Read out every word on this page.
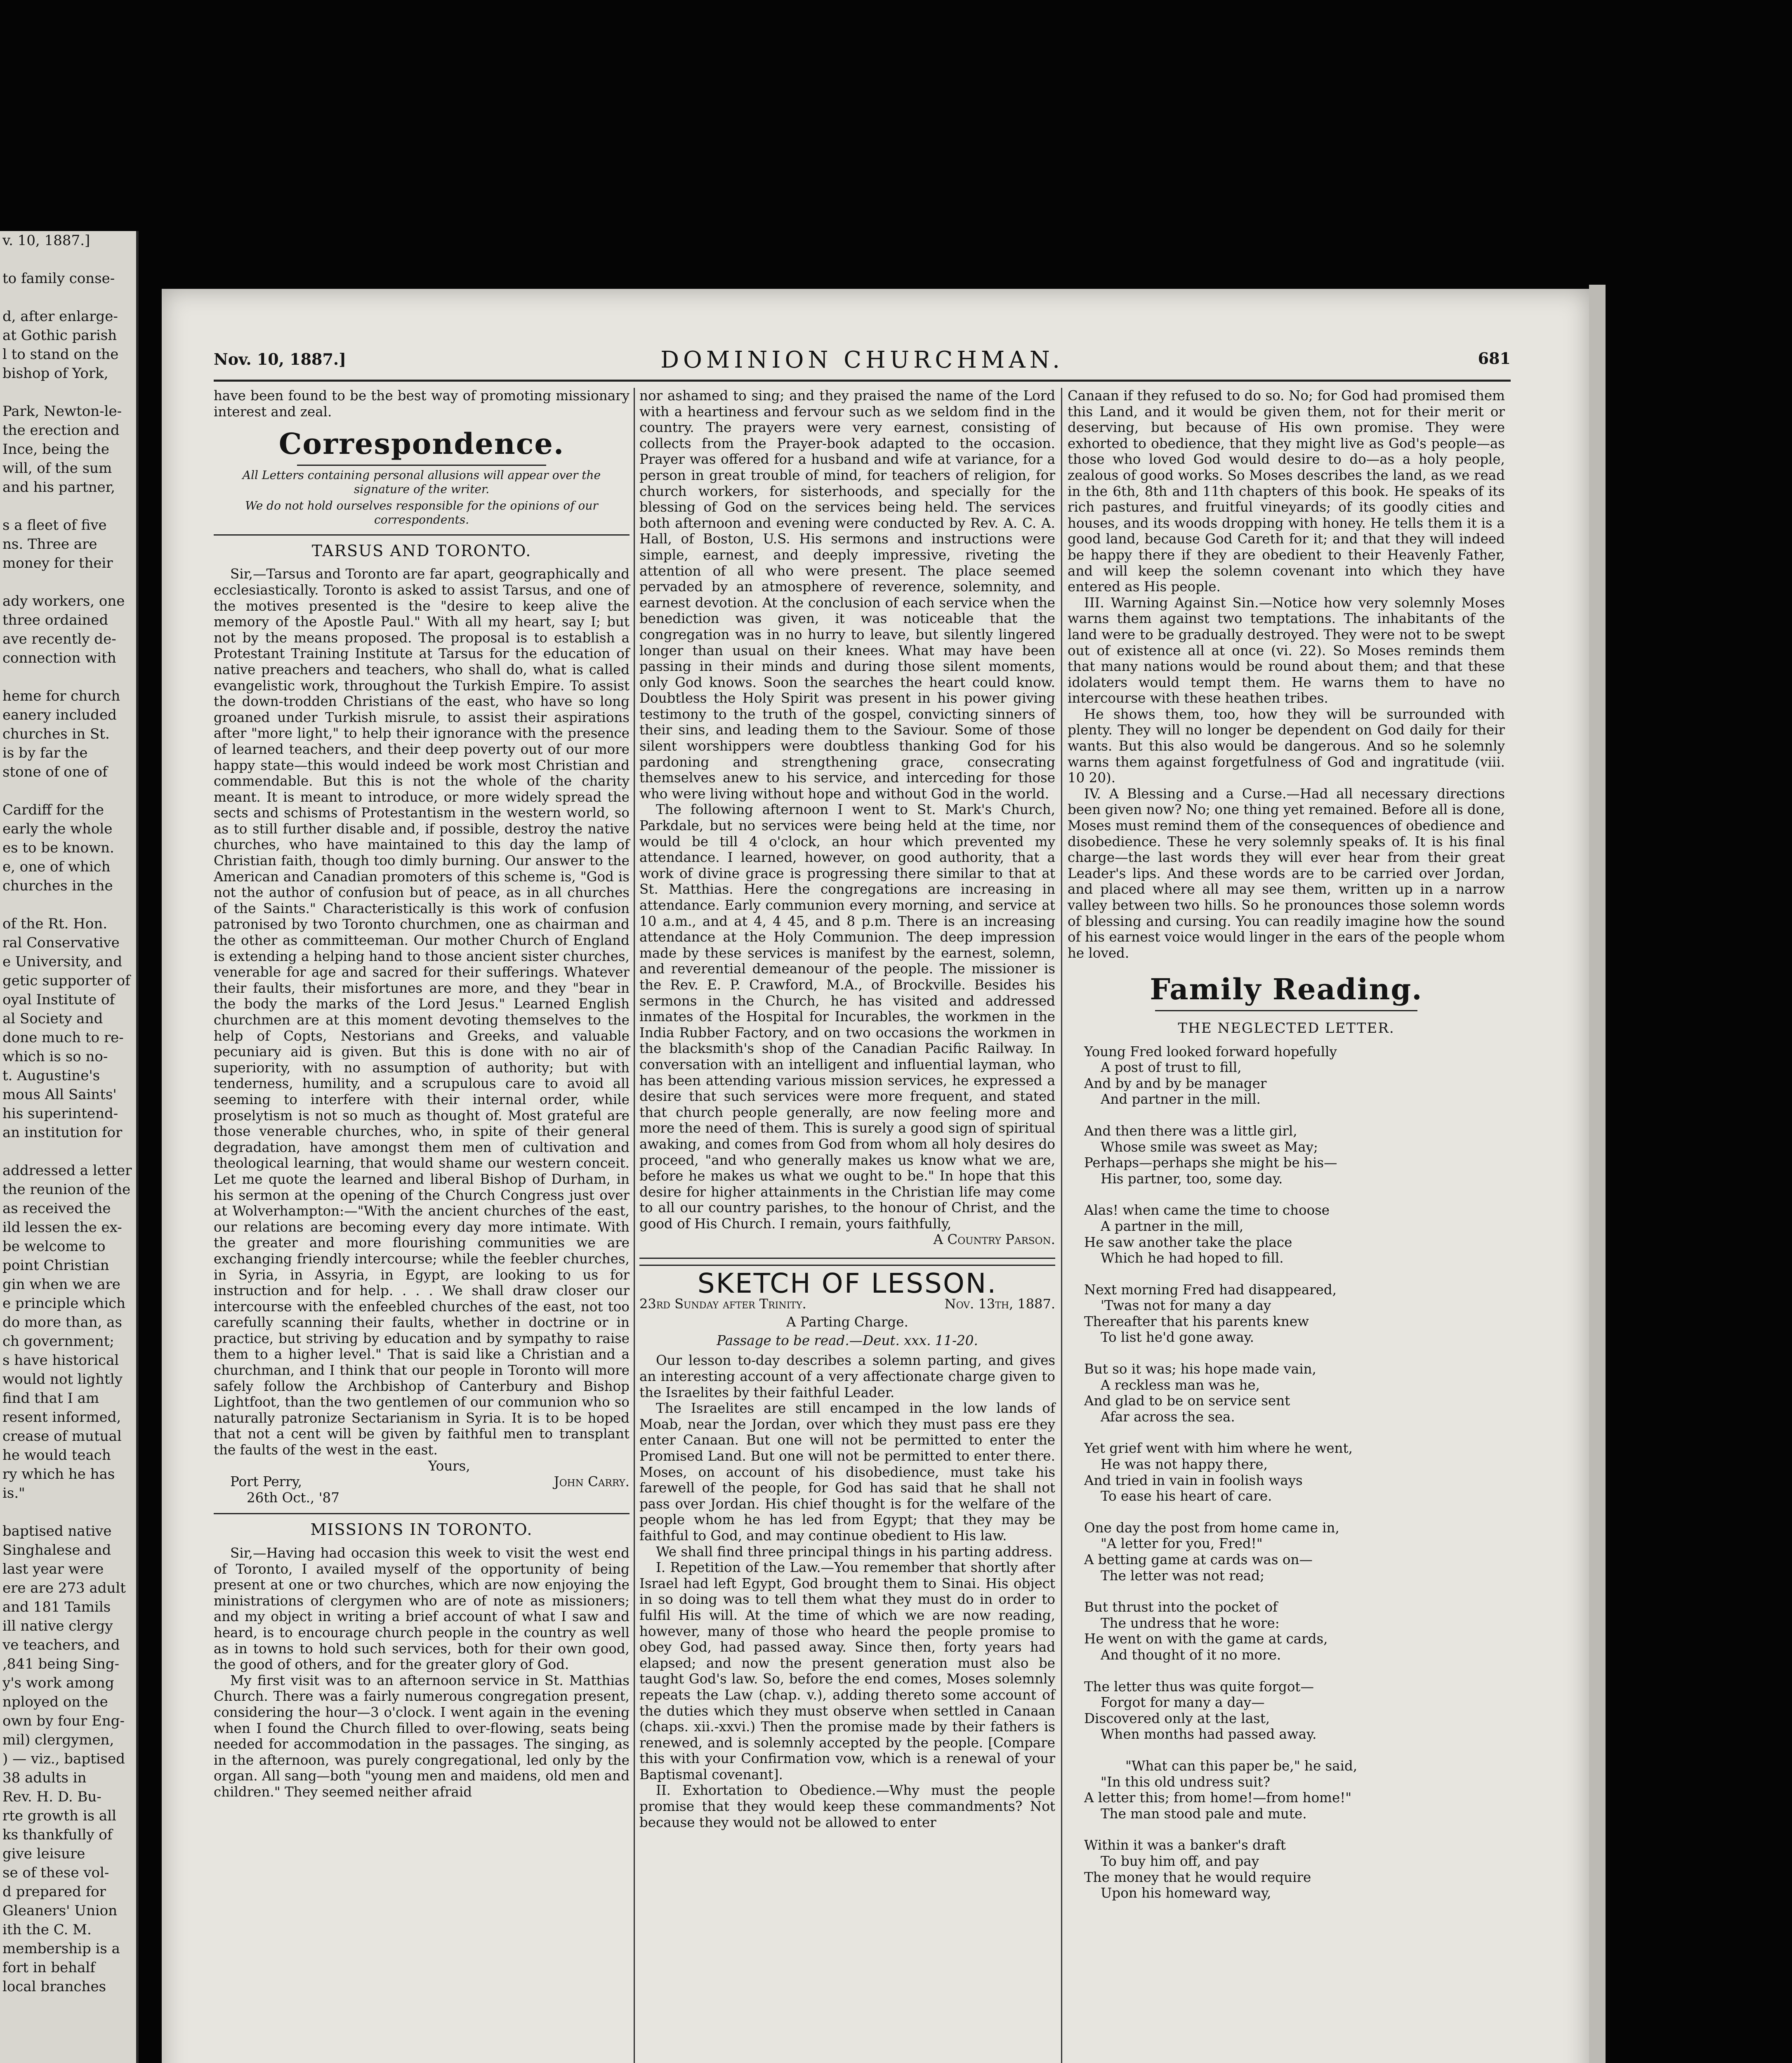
v. 10, 1887.]
to family conse-
d, after enlarge-
at Gothic parish
l to stand on the
bishop of York,
Park, Newton-le-
the erection and
Ince, being the
will, of the sum
and his partner,
s a fleet of five
ns. Three are
money for their
ady workers, one
three ordained
ave recently de-
connection with
heme for church
eanery included
churches in St.
is by far the
stone of one of
Cardiff for the
early the whole
es to be known.
e, one of which
churches in the
of the Rt. Hon.
ral Conservative
e University, and
getic supporter of
oyal Institute of
al Society and
done much to re-
which is so no-
t. Augustine's
mous All Saints'
his superintend-
an institution for
addressed a letter
the reunion of the
as received the
ild lessen the ex-
be welcome to
point Christian
gin when we are
e principle which
do more than, as
ch government;
s have historical
would not lightly
find that I am
resent informed,
crease of mutual
he would teach
ry which he has
is."
baptised native
Singhalese and
last year were
ere are 273 adult
and 181 Tamils
ill native clergy
ve teachers, and
,841 being Sing-
y's work among
nployed on the
own by four Eng-
mil) clergymen,
) — viz., baptised
38 adults in
Rev. H. D. Bu-
rte growth is all
ks thankfully of
give leisure
se of these vol-
d prepared for
Gleaners' Union
ith the C. M.
membership is a
fort in behalf
local branches
Nov. 10, 1887.]	DOMINION CHURCHMAN.	681

have been found to be the best way of promoting missionary interest and zeal.

Correspondence.

All Letters containing personal allusions will appear over the signature of the writer.

We do not hold ourselves responsible for the opinions of our correspondents.

TARSUS AND TORONTO.

Sir,—Tarsus and Toronto are far apart, geographically and ecclesiastically. Toronto is asked to assist Tarsus, and one of the motives presented is the "desire to keep alive the memory of the Apostle Paul." With all my heart, say I; but not by the means proposed. The proposal is to establish a Protestant Training Institute at Tarsus for the education of native preachers and teachers, who shall do, what is called evangelistic work, throughout the Turkish Empire. To assist the down-trodden Christians of the east, who have so long groaned under Turkish misrule, to assist their aspirations after "more light," to help their ignorance with the presence of learned teachers, and their deep poverty out of our more happy state—this would indeed be work most Christian and commendable. But this is not the whole of the charity meant. It is meant to introduce, or more widely spread the sects and schisms of Protestantism in the western world, so as to still further disable and, if possible, destroy the native churches, who have maintained to this day the lamp of Christian faith, though too dimly burning. Our answer to the American and Canadian promoters of this scheme is, "God is not the author of confusion but of peace, as in all churches of the Saints." Characteristically is this work of confusion patronised by two Toronto churchmen, one as chairman and the other as committeeman. Our mother Church of England is extending a helping hand to those ancient sister churches, venerable for age and sacred for their sufferings. Whatever their faults, their misfortunes are more, and they "bear in the body the marks of the Lord Jesus." Learned English churchmen are at this moment devoting themselves to the help of Copts, Nestorians and Greeks, and valuable pecuniary aid is given. But this is done with no air of superiority, with no assumption of authority; but with tenderness, humility, and a scrupulous care to avoid all seeming to interfere with their internal order, while proselytism is not so much as thought of. Most grateful are those venerable churches, who, in spite of their general degradation, have amongst them men of cultivation and theological learning, that would shame our western conceit. Let me quote the learned and liberal Bishop of Durham, in his sermon at the opening of the Church Congress just over at Wolverhampton:—"With the ancient churches of the east, our relations are becoming every day more intimate. With the greater and more flourishing communities we are exchanging friendly intercourse; while the feebler churches, in Syria, in Assyria, in Egypt, are looking to us for instruction and for help. . . . We shall draw closer our intercourse with the enfeebled churches of the east, not too carefully scanning their faults, whether in doctrine or in practice, but striving by education and by sympathy to raise them to a higher level." That is said like a Christian and a churchman, and I think that our people in Toronto will more safely follow the Archbishop of Canterbury and Bishop Lightfoot, than the two gentlemen of our communion who so naturally patronize Sectarianism in Syria. It is to be hoped that not a cent will be given by faithful men to transplant the faults of the west in the east.

Yours,

Port Perry,	John Carry.

26th Oct., '87

MISSIONS IN TORONTO.

Sir,—Having had occasion this week to visit the west end of Toronto, I availed myself of the opportunity of being present at one or two churches, which are now enjoying the ministrations of clergymen who are of note as missioners; and my object in writing a brief account of what I saw and heard, is to encourage church people in the country as well as in towns to hold such services, both for their own good, the good of others, and for the greater glory of God.

My first visit was to an afternoon service in St. Matthias Church. There was a fairly numerous congregation present, considering the hour—3 o'clock. I went again in the evening when I found the Church filled to over-flowing, seats being needed for accommodation in the passages. The singing, as in the afternoon, was purely congregational, led only by the organ. All sang—both "young men and maidens, old men and children." They seemed neither afraid

nor ashamed to sing; and they praised the name of the Lord with a heartiness and fervour such as we seldom find in the country. The prayers were very earnest, consisting of collects from the Prayer-book adapted to the occasion. Prayer was offered for a husband and wife at variance, for a person in great trouble of mind, for teachers of religion, for church workers, for sisterhoods, and specially for the blessing of God on the services being held. The services both afternoon and evening were conducted by Rev. A. C. A. Hall, of Boston, U.S. His sermons and instructions were simple, earnest, and deeply impressive, riveting the attention of all who were present. The place seemed pervaded by an atmosphere of reverence, solemnity, and earnest devotion. At the conclusion of each service when the benediction was given, it was noticeable that the congregation was in no hurry to leave, but silently lingered longer than usual on their knees. What may have been passing in their minds and during those silent moments, only God knows. Soon the searches the heart could know. Doubtless the Holy Spirit was present in his power giving testimony to the truth of the gospel, convicting sinners of their sins, and leading them to the Saviour. Some of those silent worshippers were doubtless thanking God for his pardoning and strengthening grace, consecrating themselves anew to his service, and interceding for those who were living without hope and without God in the world.

The following afternoon I went to St. Mark's Church, Parkdale, but no services were being held at the time, nor would be till 4 o'clock, an hour which prevented my attendance. I learned, however, on good authority, that a work of divine grace is progressing there similar to that at St. Matthias. Here the congregations are increasing in attendance. Early communion every morning, and service at 10 a.m., and at 4, 4 45, and 8 p.m. There is an increasing attendance at the Holy Communion. The deep impression made by these services is manifest by the earnest, solemn, and reverential demeanour of the people. The missioner is the Rev. E. P. Crawford, M.A., of Brockville. Besides his sermons in the Church, he has visited and addressed inmates of the Hospital for Incurables, the workmen in the India Rubber Factory, and on two occasions the workmen in the blacksmith's shop of the Canadian Pacific Railway. In conversation with an intelligent and influential layman, who has been attending various mission services, he expressed a desire that such services were more frequent, and stated that church people generally, are now feeling more and more the need of them. This is surely a good sign of spiritual awaking, and comes from God from whom all holy desires do proceed, "and who generally makes us know what we are, before he makes us what we ought to be." In hope that this desire for higher attainments in the Christian life may come to all our country parishes, to the honour of Christ, and the good of His Church. I remain, yours faithfully,

A Country Parson.

SKETCH OF LESSON.
23rd Sunday after Trinity.	Nov. 13th, 1887.

A Parting Charge.

Passage to be read.—Deut. xxx. 11-20.

Our lesson to-day describes a solemn parting, and gives an interesting account of a very affectionate charge given to the Israelites by their faithful Leader.

The Israelites are still encamped in the low lands of Moab, near the Jordan, over which they must pass ere they enter Canaan. But one will not be permitted to enter the Promised Land. But one will not be permitted to enter there. Moses, on account of his disobedience, must take his farewell of the people, for God has said that he shall not pass over Jordan. His chief thought is for the welfare of the people whom he has led from Egypt; that they may be faithful to God, and may continue obedient to His law.

We shall find three principal things in his parting address.

I. Repetition of the Law.—You remember that shortly after Israel had left Egypt, God brought them to Sinai. His object in so doing was to tell them what they must do in order to fulfil His will. At the time of which we are now reading, however, many of those who heard the people promise to obey God, had passed away. Since then, forty years had elapsed; and now the present generation must also be taught God's law. So, before the end comes, Moses solemnly repeats the Law (chap. v.), adding thereto some account of the duties which they must observe when settled in Canaan (chaps. xii.-xxvi.) Then the promise made by their fathers is renewed, and is solemnly accepted by the people. [Compare this with your Confirmation vow, which is a renewal of your Baptismal covenant].

II. Exhortation to Obedience.—Why must the people promise that they would keep these commandments? Not because they would not be allowed to enter

Canaan if they refused to do so. No; for God had promised them this Land, and it would be given them, not for their merit or deserving, but because of His own promise. They were exhorted to obedience, that they might live as God's people—as those who loved God would desire to do—as a holy people, zealous of good works. So Moses describes the land, as we read in the 6th, 8th and 11th chapters of this book. He speaks of its rich pastures, and fruitful vineyards; of its goodly cities and houses, and its woods dropping with honey. He tells them it is a good land, because God Careth for it; and that they will indeed be happy there if they are obedient to their Heavenly Father, and will keep the solemn covenant into which they have entered as His people.

III. Warning Against Sin.—Notice how very solemnly Moses warns them against two temptations. The inhabitants of the land were to be gradually destroyed. They were not to be swept out of existence all at once (vi. 22). So Moses reminds them that many nations would be round about them; and that these idolaters would tempt them. He warns them to have no intercourse with these heathen tribes.

He shows them, too, how they will be surrounded with plenty. They will no longer be dependent on God daily for their wants. But this also would be dangerous. And so he solemnly warns them against forgetfulness of God and ingratitude (viii. 10 20).

IV. A Blessing and a Curse.—Had all necessary directions been given now? No; one thing yet remained. Before all is done, Moses must remind them of the consequences of obedience and disobedience. These he very solemnly speaks of. It is his final charge—the last words they will ever hear from their great Leader's lips. And these words are to be carried over Jordan, and placed where all may see them, written up in a narrow valley between two hills. So he pronounces those solemn words of blessing and cursing. You can readily imagine how the sound of his earnest voice would linger in the ears of the people whom he loved.

Family Reading.
THE NEGLECTED LETTER.
Young Fred looked forward hopefully
A post of trust to fill,
And by and by be manager
And partner in the mill.
And then there was a little girl,
Whose smile was sweet as May;
Perhaps—perhaps she might be his—
His partner, too, some day.
Alas! when came the time to choose
A partner in the mill,
He saw another take the place
Which he had hoped to fill.
Next morning Fred had disappeared,
'Twas not for many a day
Thereafter that his parents knew
To list he'd gone away.
But so it was; his hope made vain,
A reckless man was he,
And glad to be on service sent
Afar across the sea.
Yet grief went with him where he went,
He was not happy there,
And tried in vain in foolish ways
To ease his heart of care.
One day the post from home came in,
"A letter for you, Fred!"
A betting game at cards was on—
The letter was not read;
But thrust into the pocket of
The undress that he wore:
He went on with the game at cards,
And thought of it no more.
The letter thus was quite forgot—
Forgot for many a day—
Discovered only at the last,
When months had passed away.
"What can this paper be," he said,
"In this old undress suit?
A letter this; from home!—from home!"
The man stood pale and mute.
Within it was a banker's draft
To buy him off, and pay
The money that he would require
Upon his homeward way,
